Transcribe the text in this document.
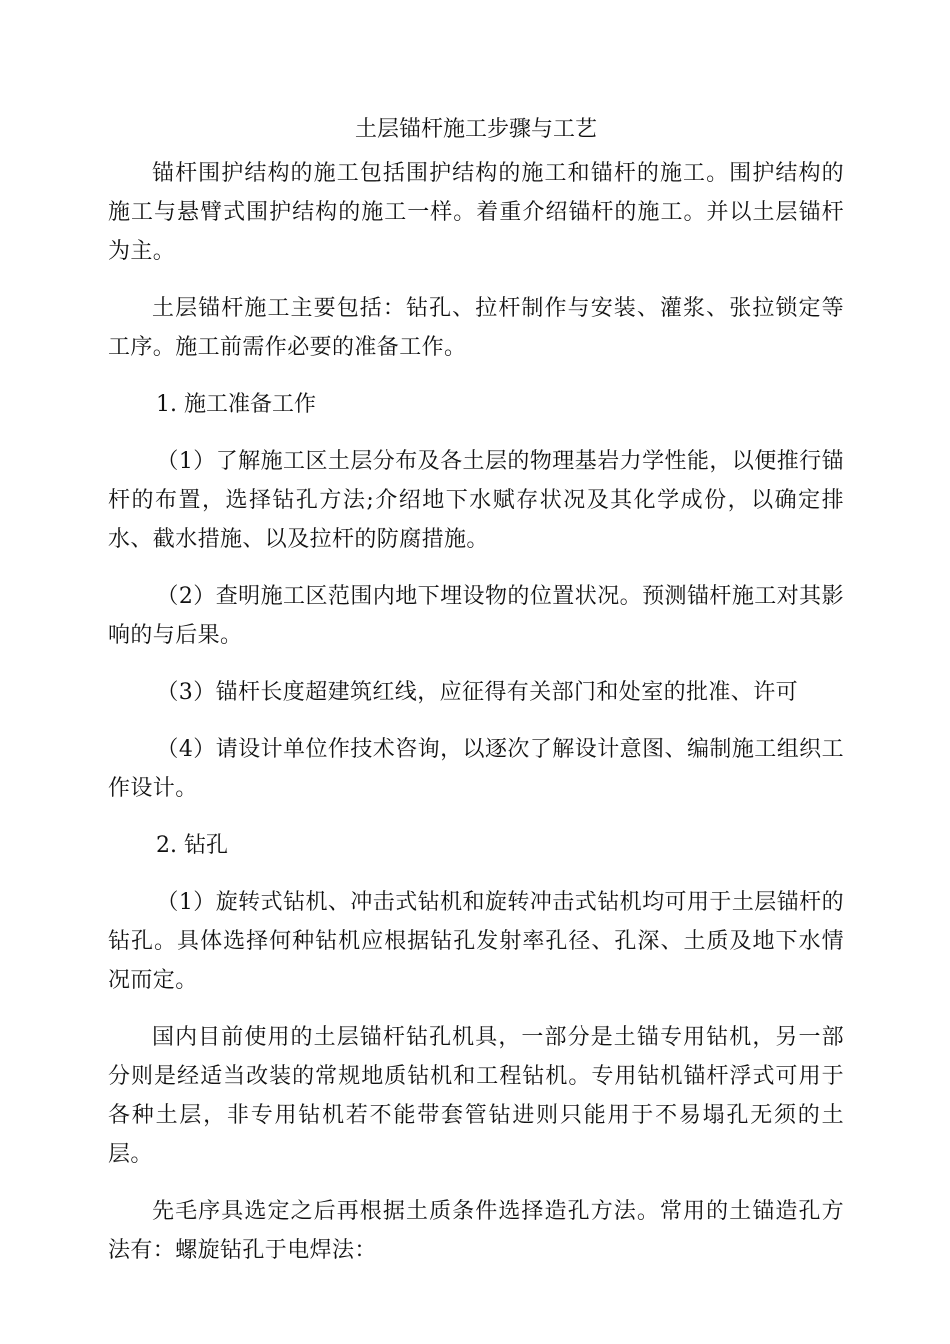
土层锚杆施工步骤与工艺

锚杆围护结构的施工包括围护结构的施工和锚杆的施工。围护结构的施工与悬臂式围护结构的施工一样。着重介绍锚杆的施工。并以土层锚杆为主。

土层锚杆施工主要包括：钻孔、拉杆制作与安装、灌浆、张拉锁定等工序。施工前需作必要的准备工作。

1. 施工准备工作

（1）了解施工区土层分布及各土层的物理基岩力学性能，以便推行锚杆的布置，选择钻孔方法;介绍地下水赋存状况及其化学成份，以确定排水、截水措施、以及拉杆的防腐措施。

（2）查明施工区范围内地下埋设物的位置状况。预测锚杆施工对其影响的与后果。

（3）锚杆长度超建筑红线，应征得有关部门和处室的批准、许可

（4）请设计单位作技术咨询，以逐次了解设计意图、编制施工组织工作设计。

2. 钻孔

（1）旋转式钻机、冲击式钻机和旋转冲击式钻机均可用于土层锚杆的钻孔。具体选择何种钻机应根据钻孔发射率孔径、孔深、土质及地下水情况而定。

国内目前使用的土层锚杆钻孔机具，一部分是土锚专用钻机，另一部分则是经适当改装的常规地质钻机和工程钻机。专用钻机锚杆浮式可用于各种土层，非专用钻机若不能带套管钻进则只能用于不易塌孔无须的土层。

先毛序具选定之后再根据土质条件选择造孔方法。常用的土锚造孔方法有：螺旋钻孔于电焊法：
